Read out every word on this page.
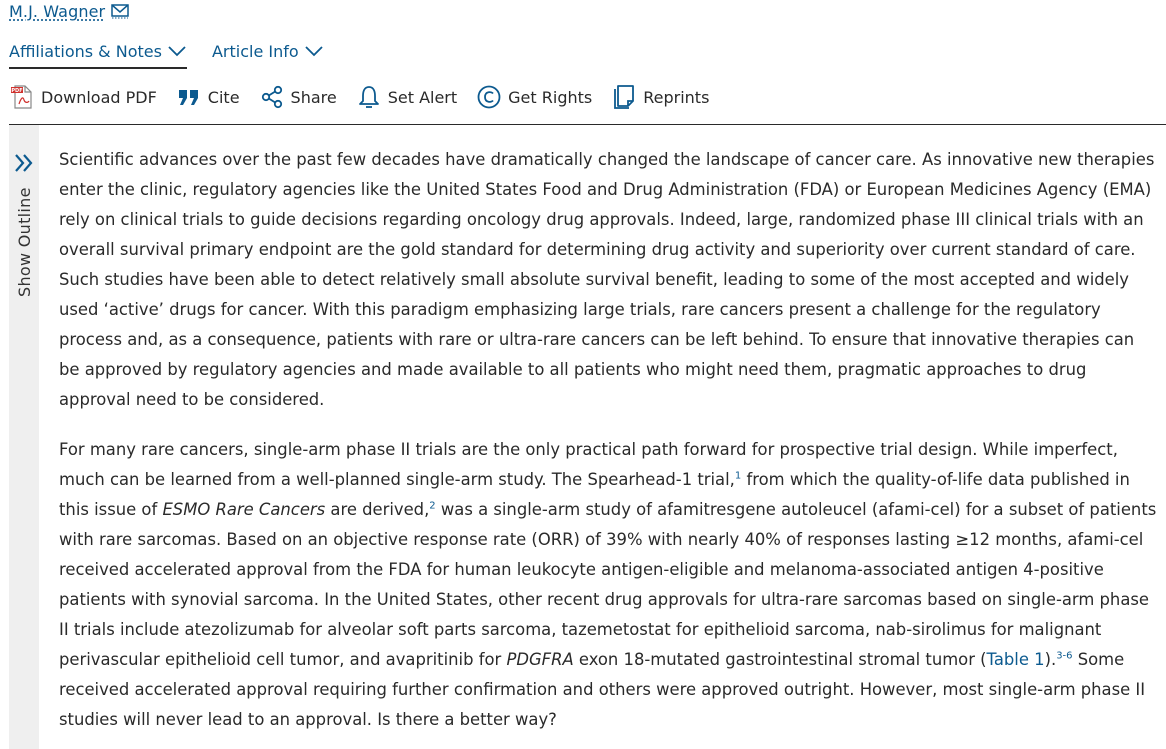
M.J. Wagner
Affiliations & Notes	Article Info
PDF Download PDF	Cite	Share	Set Alert	Get Rights	Reprints
Show Outline

Scientific advances over the past few decades have dramatically changed the landscape of cancer care. As innovative new therapies enter the clinic, regulatory agencies like the United States Food and Drug Administration (FDA) or European Medicines Agency (EMA) rely on clinical trials to guide decisions regarding oncology drug approvals. Indeed, large, randomized phase III clinical trials with an overall survival primary endpoint are the gold standard for determining drug activity and superiority over current standard of care. Such studies have been able to detect relatively small absolute survival benefit, leading to some of the most accepted and widely used ‘active’ drugs for cancer. With this paradigm emphasizing large trials, rare cancers present a challenge for the regulatory process and, as a consequence, patients with rare or ultra-rare cancers can be left behind. To ensure that innovative therapies can be approved by regulatory agencies and made available to all patients who might need them, pragmatic approaches to drug approval need to be considered.

For many rare cancers, single-arm phase II trials are the only practical path forward for prospective trial design. While imperfect, much can be learned from a well-planned single-arm study. The Spearhead-1 trial,$^1$ from which the quality-of-life data published in this issue of ESMO Rare Cancers are derived,$^2$ was a single-arm study of afamitresgene autoleucel (afami-cel) for a subset of patients with rare sarcomas. Based on an objective response rate (ORR) of 39% with nearly 40% of responses lasting ≥12 months, afami-cel received accelerated approval from the FDA for human leukocyte antigen-eligible and melanoma-associated antigen 4-positive patients with synovial sarcoma. In the United States, other recent drug approvals for ultra-rare sarcomas based on single-arm phase II trials include atezolizumab for alveolar soft parts sarcoma, tazemetostat for epithelioid sarcoma, nab-sirolimus for malignant perivascular epithelioid cell tumor, and avapritinib for PDGFRA exon 18-mutated gastrointestinal stromal tumor (Table 1).$^{3-6}$ Some received accelerated approval requiring further confirmation and others were approved outright. However, most single-arm phase II studies will never lead to an approval. Is there a better way?
